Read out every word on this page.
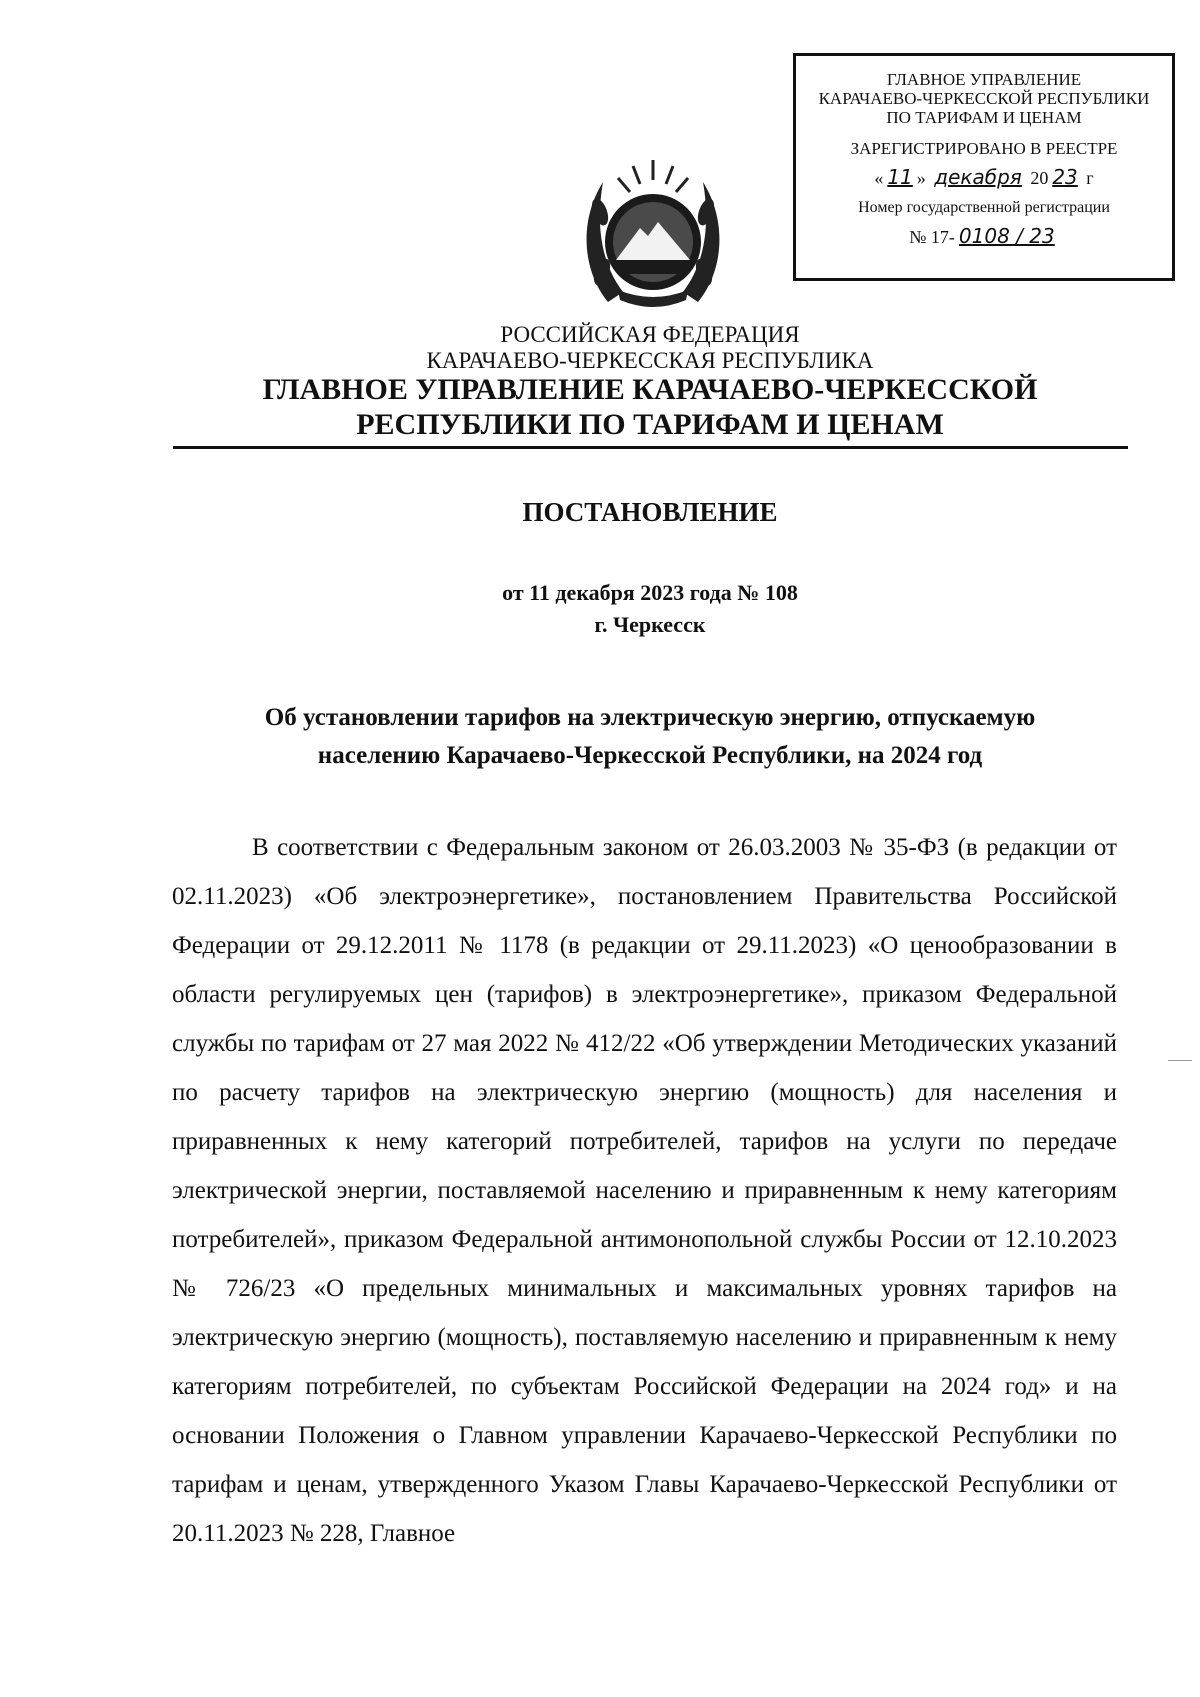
ГЛАВНОЕ УПРАВЛЕНИЕ
КАРАЧАЕВО-ЧЕРКЕССКОЙ РЕСПУБЛИКИ
ПО ТАРИФАМ И ЦЕНАМ
ЗАРЕГИСТРИРОВАНО В РЕЕСТРЕ
« 11 » декабря 20 23 г
Номер государственной регистрации
№ 17- 0108 / 23
РОССИЙСКАЯ ФЕДЕРАЦИЯ
КАРАЧАЕВО-ЧЕРКЕССКАЯ РЕСПУБЛИКА
ГЛАВНОЕ УПРАВЛЕНИЕ КАРАЧАЕВО-ЧЕРКЕССКОЙ
РЕСПУБЛИКИ ПО ТАРИФАМ И ЦЕНАМ
ПОСТАНОВЛЕНИЕ
от 11 декабря 2023 года № 108
г. Черкесск
Об установлении тарифов на электрическую энергию, отпускаемую
населению Карачаево-Черкесской Республики, на 2024 год
В соответствии с Федеральным законом от 26.03.2003 № 35-ФЗ (в редакции от 02.11.2023) «Об электроэнергетике», постановлением Правительства Российской Федерации от 29.12.2011 № 1178 (в редакции от 29.11.2023) «О ценообразовании в области регулируемых цен (тарифов) в электроэнергетике», приказом Федеральной службы по тарифам от 27 мая 2022 № 412/22 «Об утверждении Методических указаний по расчету тарифов на электрическую энергию (мощность) для населения и приравненных к нему категорий потребителей, тарифов на услуги по передаче электрической энергии, поставляемой населению и приравненным к нему категориям потребителей», приказом Федеральной антимонопольной службы России от 12.10.2023 № 726/23 «О предельных минимальных и максимальных уровнях тарифов на электрическую энергию (мощность), поставляемую населению и приравненным к нему категориям потребителей, по субъектам Российской Федерации на 2024 год» и на основании Положения о Главном управлении Карачаево-Черкесской Республики по тарифам и ценам, утвержденного Указом Главы Карачаево-Черкесской Республики от 20.11.2023 № 228, Главное
